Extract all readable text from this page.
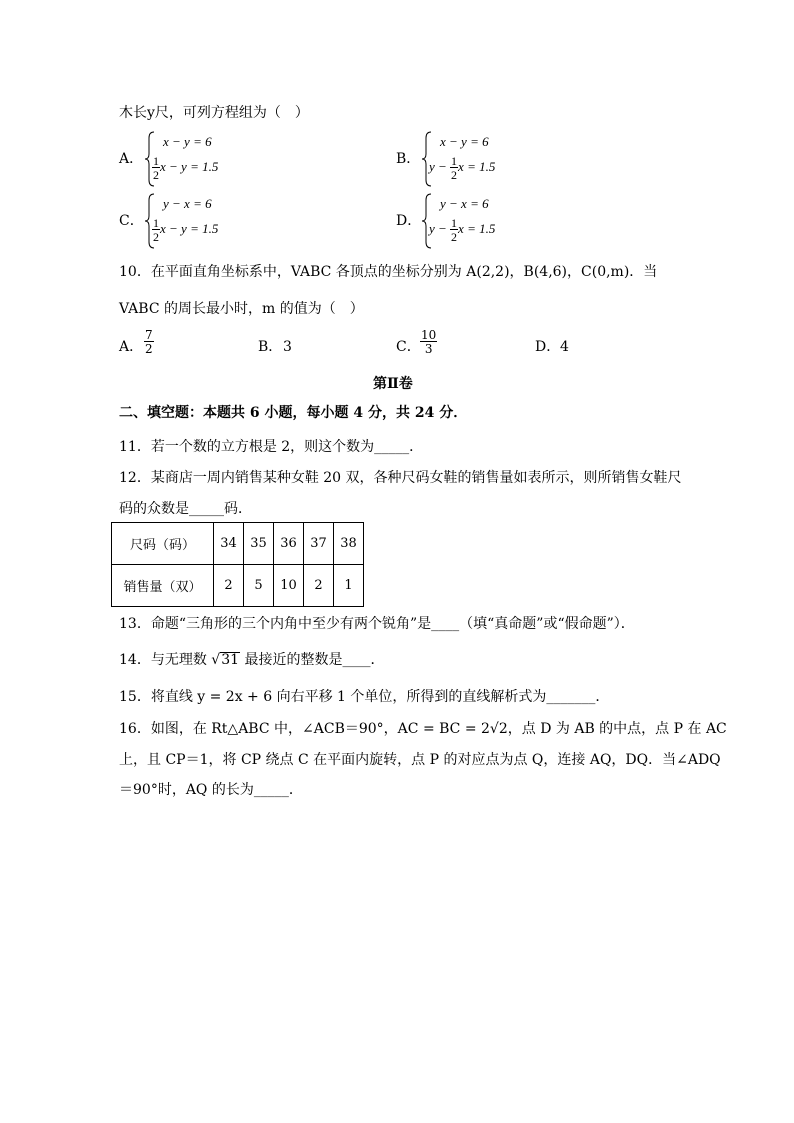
木长y尺，可列方程组为（　）
A．
x − y = 6
$\frac{1}{2}$ x − y = 1.5	B．
x − y = 6
$y - \frac{1}{2}$ x = 1.5
C．
y − x = 6
$\frac{1}{2}$ x − y = 1.5	D．
y − x = 6
$y - \frac{1}{2}$ x = 1.5
10．在平面直角坐标系中，VABC 各顶点的坐标分别为 A(2,2)，B(4,6)，C(0,m)．当
VABC 的周长最小时，m 的值为（　）
A． $\frac{7}{2}$	B． 3	C． $\frac{10}{3}$	D． 4
第Ⅱ卷
二、填空题：本题共 6 小题，每小题 4 分，共 24 分．
11．若一个数的立方根是 2，则这个数为_____．
12．某商店一周内销售某种女鞋 20 双，各种尺码女鞋的销售量如表所示，则所销售女鞋尺
码的众数是_____码．
尺码（码）	34	35	36	37	38
销售量（双）	2	5	10	2	1
13．命题“三角形的三个内角中至少有两个锐角”是____（填“真命题”或“假命题”）．
14．与无理数 √31 最接近的整数是____．
15．将直线 y = 2x + 6 向右平移 1 个单位，所得到的直线解析式为_______．
16．如图，在 Rt△ABC 中，∠ACB＝90°，AC = BC = 2√2，点 D 为 AB 的中点，点 P 在 AC
上，且 CP＝1，将 CP 绕点 C 在平面内旋转，点 P 的对应点为点 Q，连接 AQ，DQ．当∠ADQ
＝90°时，AQ 的长为_____．
